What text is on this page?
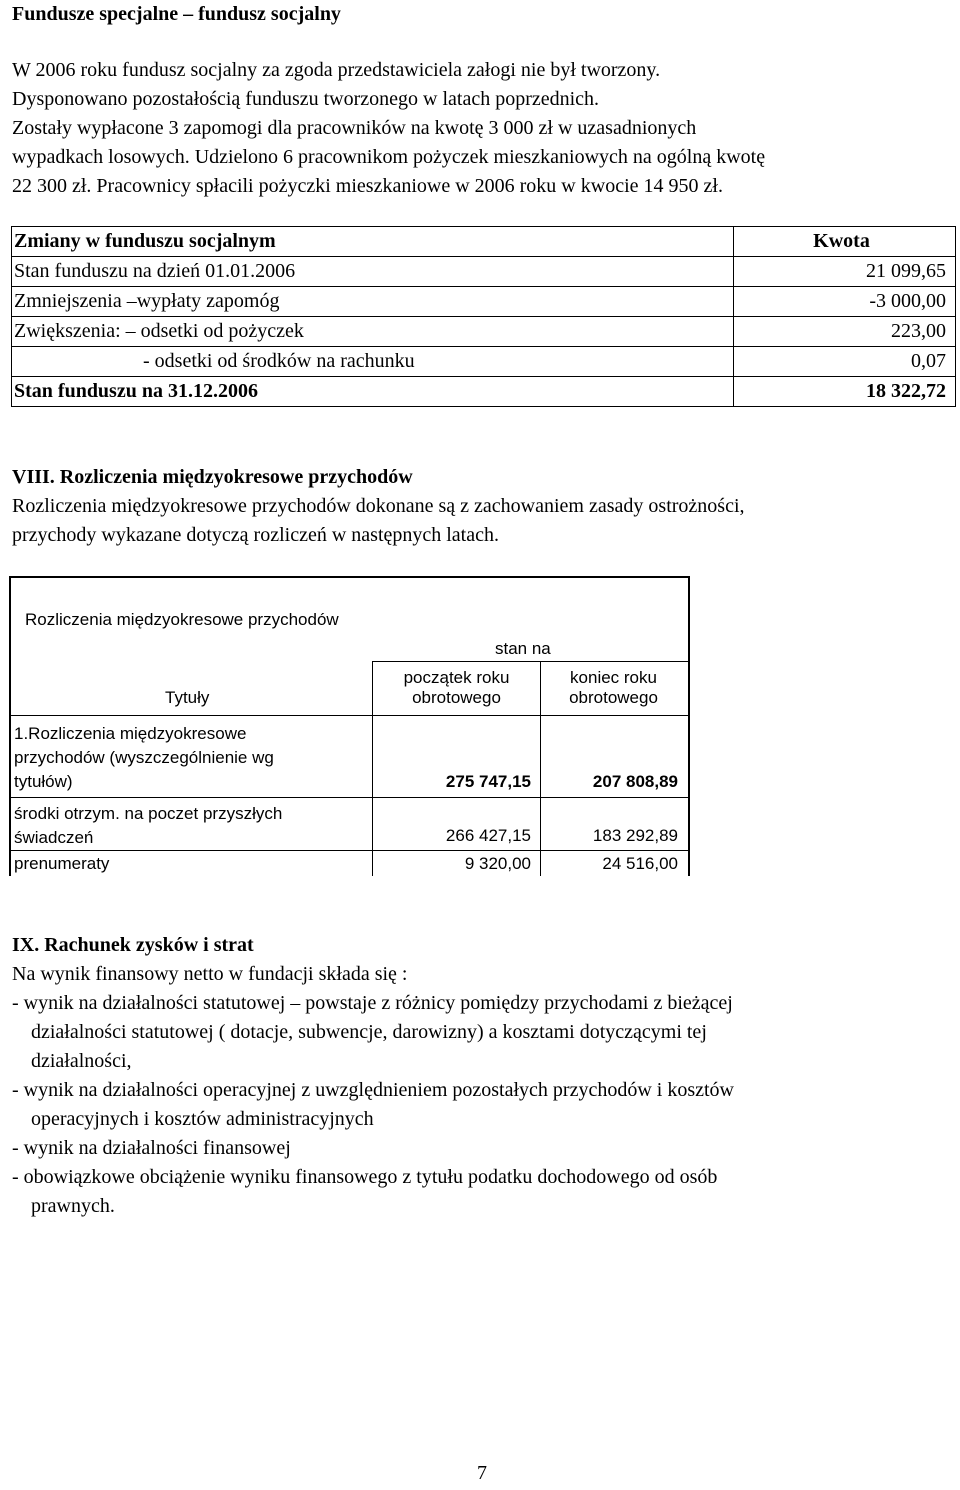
Fundusze specjalne – fundusz socjalny
W 2006 roku fundusz socjalny za zgoda przedstawiciela załogi nie był tworzony.
Dysponowano pozostałością funduszu tworzonego w latach poprzednich.
Zostały wypłacone 3 zapomogi dla pracowników na kwotę 3 000 zł w uzasadnionych
wypadkach losowych. Udzielono 6 pracownikom pożyczek mieszkaniowych na ogólną kwotę
22 300 zł. Pracownicy spłacili pożyczki mieszkaniowe w 2006 roku w kwocie 14 950 zł.
Zmiany w funduszu socjalnym	Kwota
Stan funduszu na dzień 01.01.2006	21 099,65
Zmniejszenia –wypłaty zapomóg	-3 000,00
Zwiększenia: – odsetki od pożyczek	223,00
- odsetki od środków na rachunku	0,07
Stan funduszu na 31.12.2006	18 322,72
VIII. Rozliczenia międzyokresowe przychodów
Rozliczenia międzyokresowe przychodów dokonane są z zachowaniem zasady ostrożności,
przychody wykazane dotyczą rozliczeń w następnych latach.
Rozliczenia międzyokresowe przychodów
stan na
Tytuły
początek roku
obrotowego
koniec roku
obrotowego
1.Rozliczenia międzyokresowe
przychodów (wyszczególnienie wg
tytułów)	275 747,15	207 808,89
środki otrzym. na poczet przyszłych
świadczeń	266 427,15	183 292,89
prenumeraty	9 320,00	24 516,00
IX. Rachunek zysków i strat
Na wynik finansowy netto w fundacji składa się :
- wynik na działalności statutowej – powstaje z różnicy pomiędzy przychodami z bieżącej
działalności statutowej ( dotacje, subwencje, darowizny) a kosztami dotyczącymi tej
działalności,
- wynik na działalności operacyjnej z uwzględnieniem pozostałych przychodów i kosztów
operacyjnych i kosztów administracyjnych
- wynik na działalności finansowej
- obowiązkowe obciążenie wyniku finansowego z tytułu podatku dochodowego od osób
prawnych.
7
